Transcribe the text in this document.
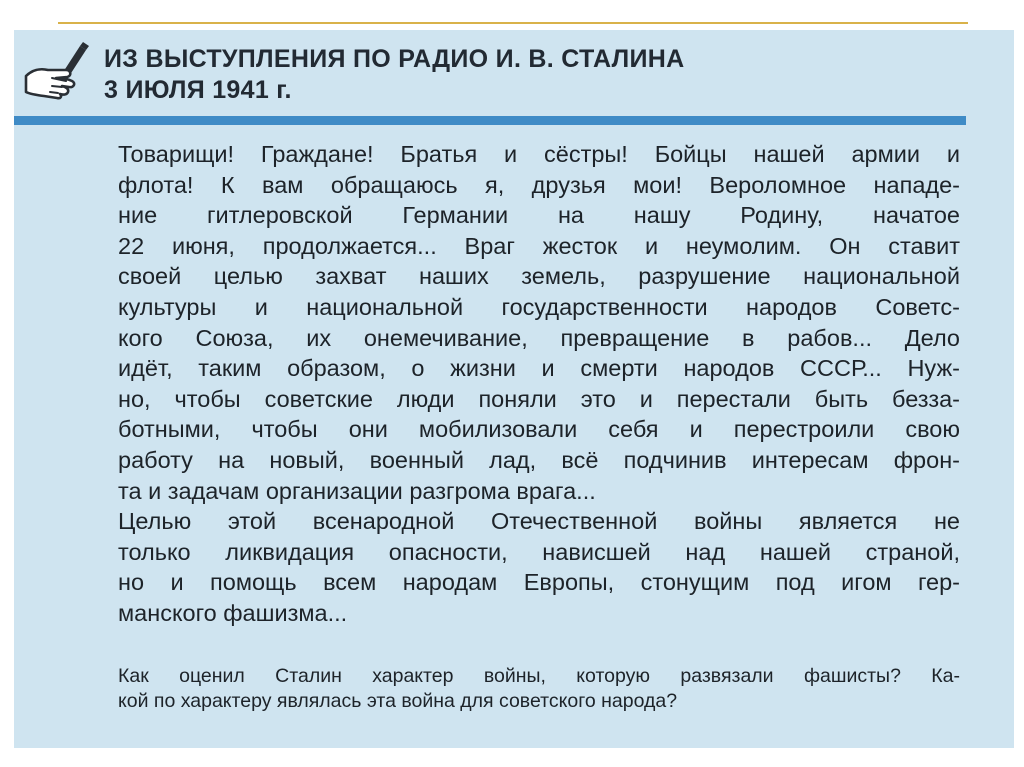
ИЗ ВЫСТУПЛЕНИЯ ПО РАДИО И. В. СТАЛИНА
3 ИЮЛЯ 1941 г.
Товарищи! Граждане! Братья и сёстры! Бойцы нашей армии и
флота! К вам обращаюсь я, друзья мои! Вероломное нападе-
ние гитлеровской Германии на нашу Родину, начатое
22 июня, продолжается... Враг жесток и неумолим. Он ставит
своей целью захват наших земель, разрушение национальной
культуры и национальной государственности народов Советс-
кого Союза, их онемечивание, превращение в рабов... Дело
идёт, таким образом, о жизни и смерти народов СССР... Нуж-
но, чтобы советские люди поняли это и перестали быть безза-
ботными, чтобы они мобилизовали себя и перестроили свою
работу на новый, военный лад, всё подчинив интересам фрон-
та и задачам организации разгрома врага...
Целью этой всенародной Отечественной войны является не
только ликвидация опасности, нависшей над нашей страной,
но и помощь всем народам Европы, стонущим под игом гер-
манского фашизма...
Как оценил Сталин характер войны, которую развязали фашисты? Ка-
кой по характеру являлась эта война для советского народа?
